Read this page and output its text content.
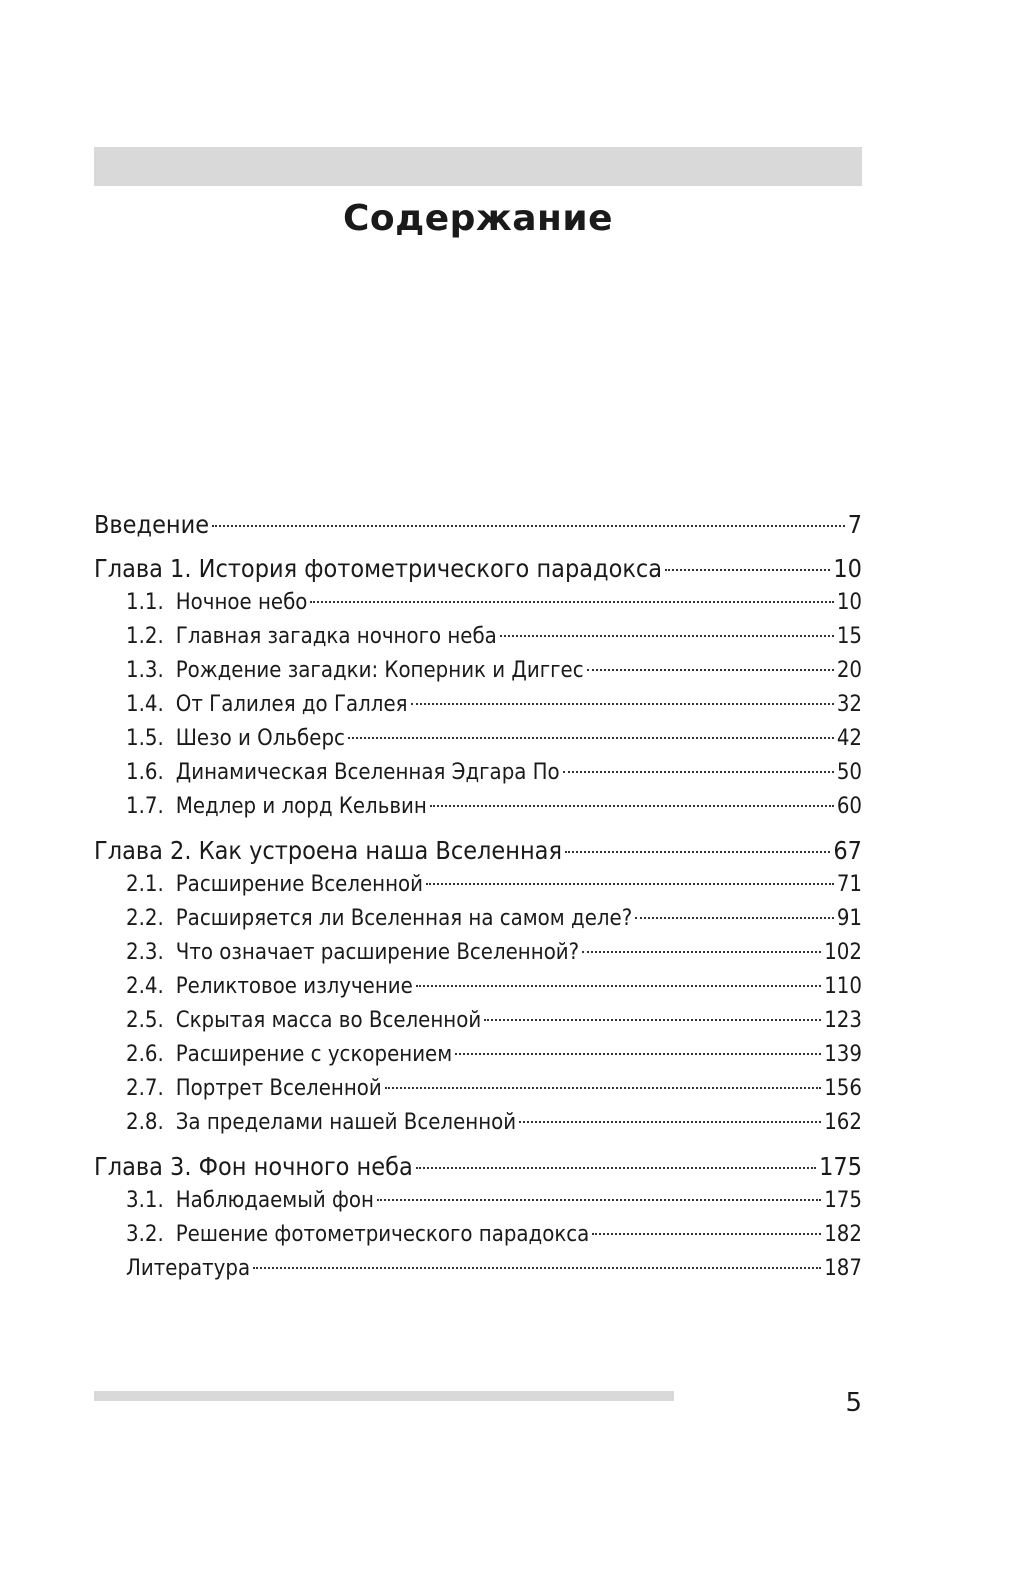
Содержание
Введение	7
Глава 1. История фотометрического парадокса	10
1.1. Ночное небо	10
1.2. Главная загадка ночного неба	15
1.3. Рождение загадки: Коперник и Диггес	20
1.4. От Галилея до Галлея	32
1.5. Шезо и Ольберс	42
1.6. Динамическая Вселенная Эдгара По	50
1.7. Медлер и лорд Кельвин	60
Глава 2. Как устроена наша Вселенная	67
2.1. Расширение Вселенной	71
2.2. Расширяется ли Вселенная на самом деле?	91
2.3. Что означает расширение Вселенной?	102
2.4. Реликтовое излучение	110
2.5. Скрытая масса во Вселенной	123
2.6. Расширение с ускорением	139
2.7. Портрет Вселенной	156
2.8. За пределами нашей Вселенной	162
Глава 3. Фон ночного неба	175
3.1. Наблюдаемый фон	175
3.2. Решение фотометрического парадокса	182
Литература	187
5
